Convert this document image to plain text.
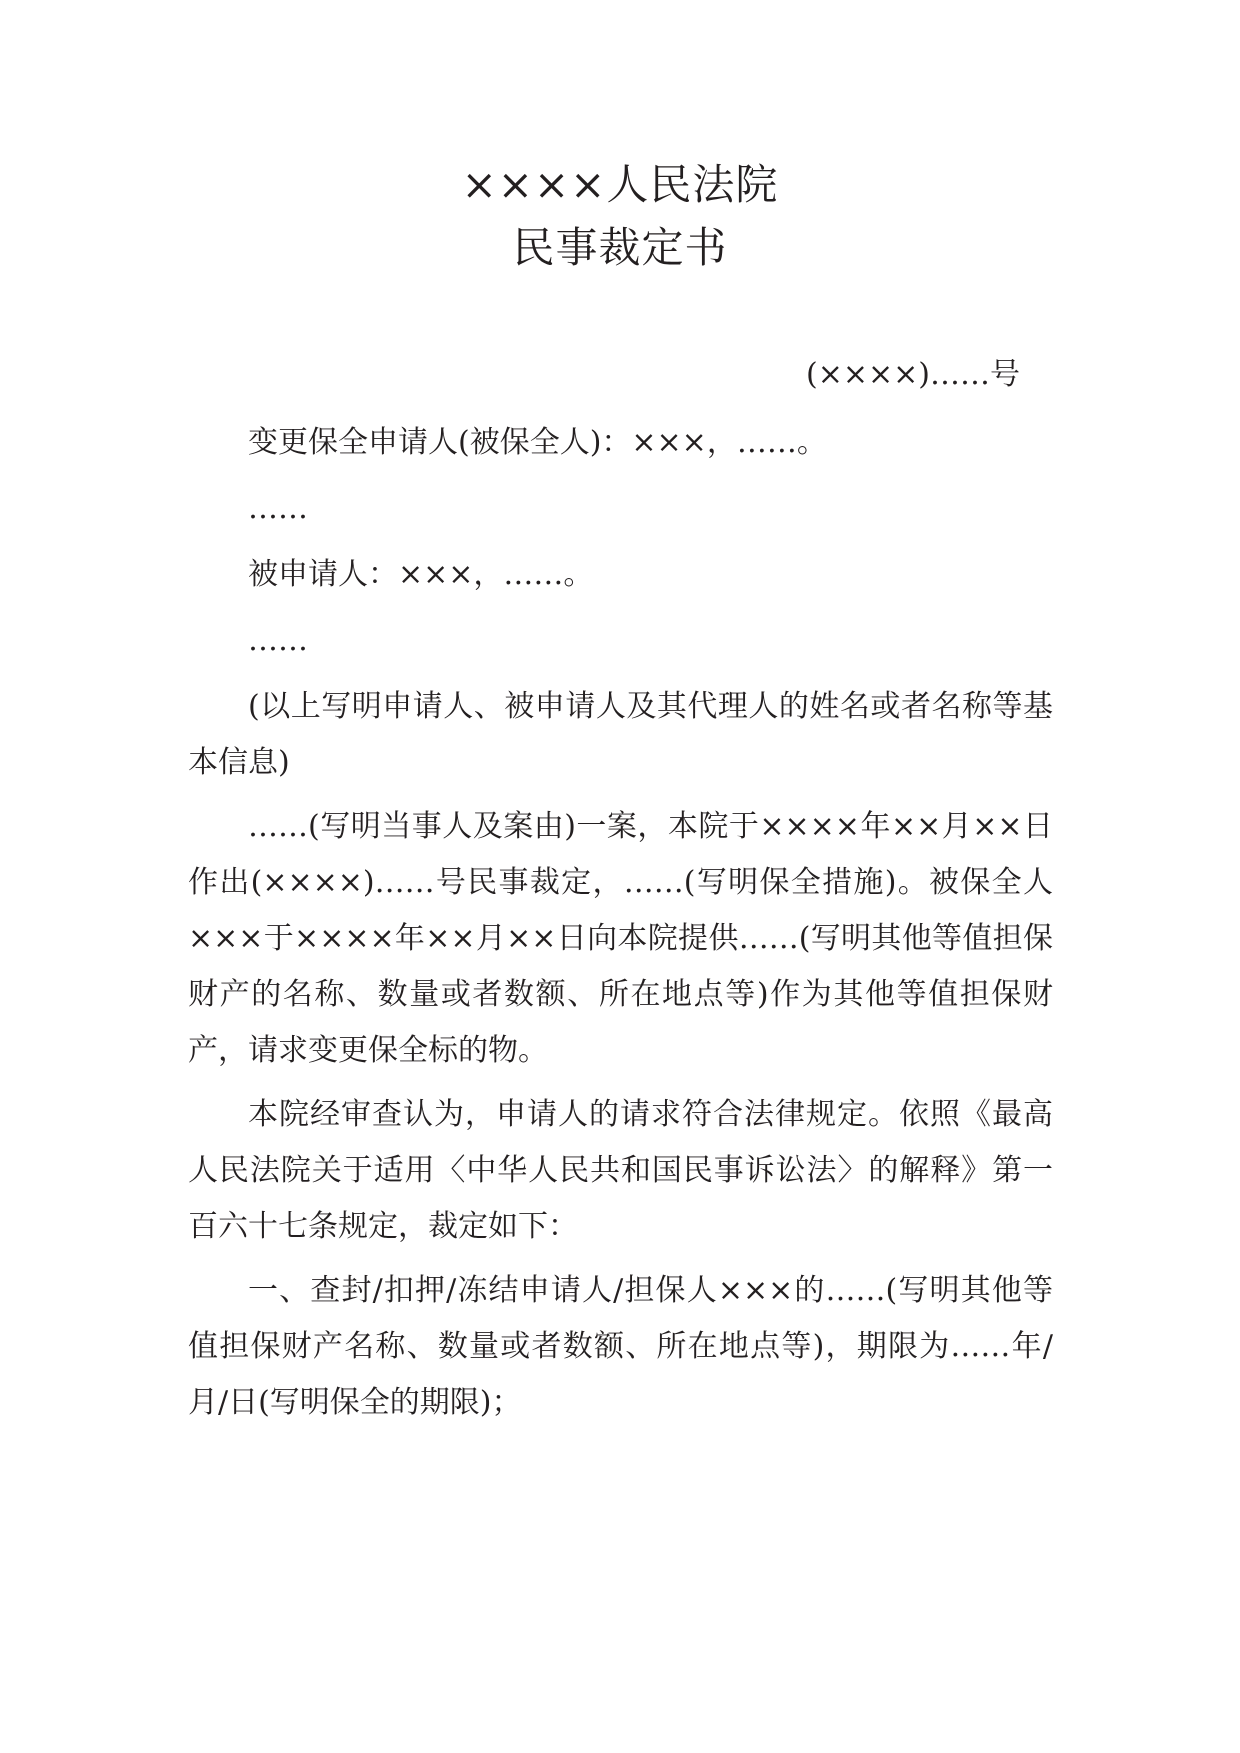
××××人民法院
民事裁定书
(××××)……号

变更保全申请人(被保全人)：×××，……。

……

被申请人：×××，……。

……

(以上写明申请人、被申请人及其代理人的姓名或者名称等基本信息)

……(写明当事人及案由)一案，本院于××××年××月××日作出(××××)……号民事裁定，……(写明保全措施)。被保全人×××于××××年××月××日向本院提供……(写明其他等值担保财产的名称、数量或者数额、所在地点等)作为其他等值担保财产，请求变更保全标的物。

本院经审查认为，申请人的请求符合法律规定。依照《最高人民法院关于适用〈中华人民共和国民事诉讼法〉的解释》第一百六十七条规定，裁定如下：

一、查封/扣押/冻结申请人/担保人×××的……(写明其他等值担保财产名称、数量或者数额、所在地点等)，期限为……年/月/日(写明保全的期限)；
